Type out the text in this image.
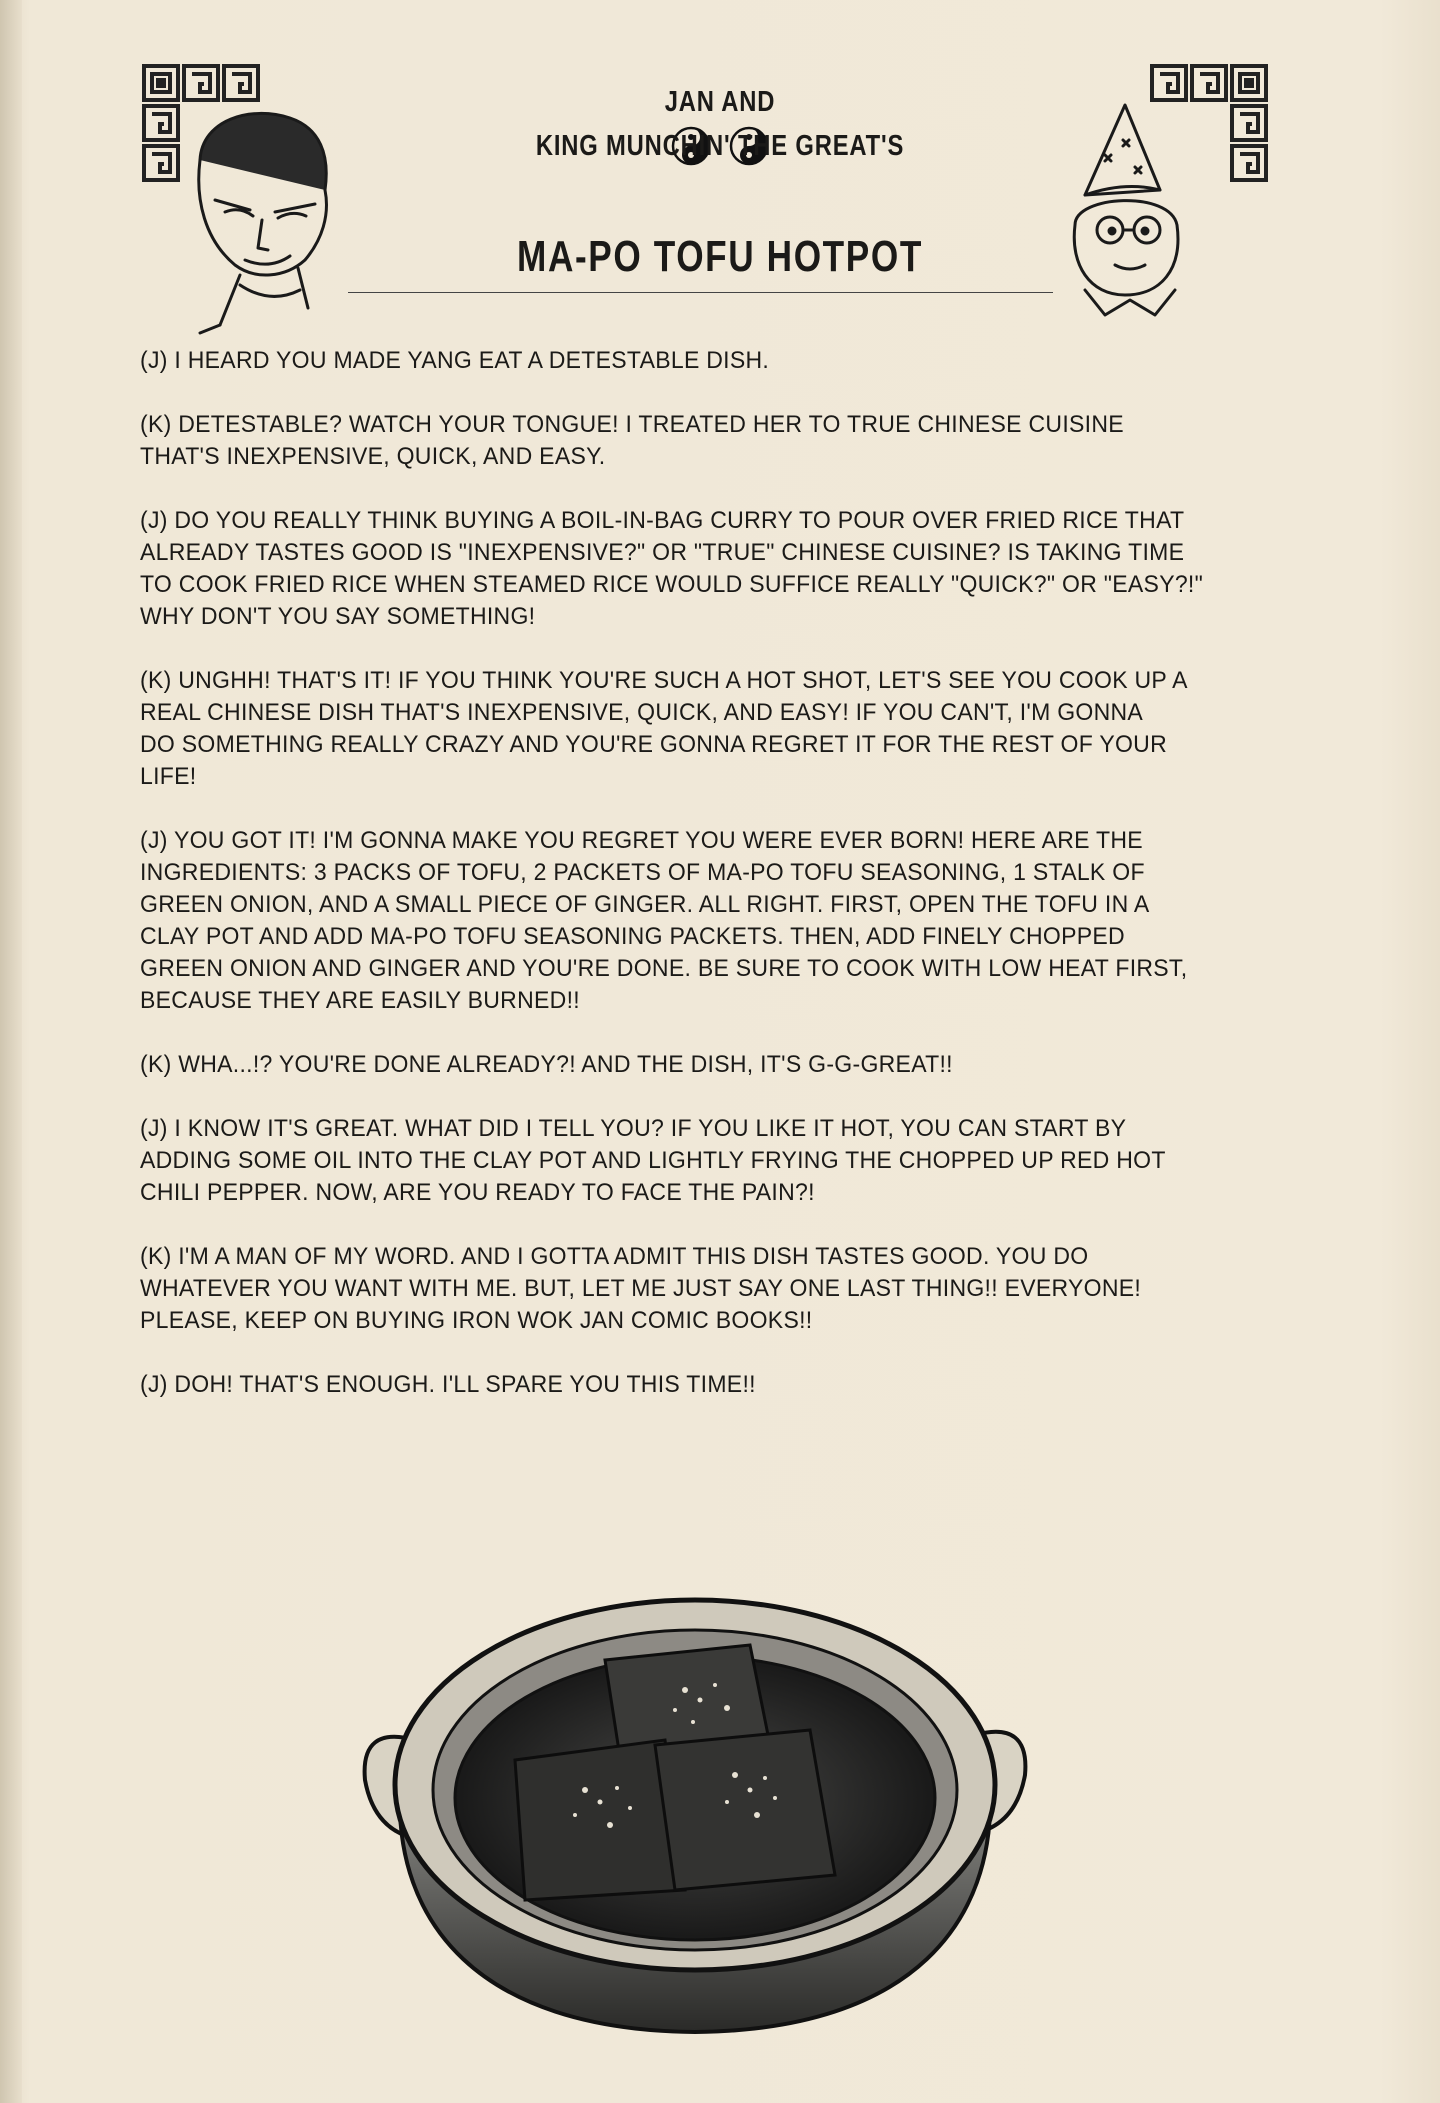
JAN AND
KING MUNCHIN' THE GREAT'S
MA-PO TOFU HOTPOT

(J) I HEARD YOU MADE YANG EAT A DETESTABLE DISH.

(K) DETESTABLE? WATCH YOUR TONGUE! I TREATED HER TO TRUE CHINESE CUISINE
THAT'S INEXPENSIVE, QUICK, AND EASY.

(J) DO YOU REALLY THINK BUYING A BOIL-IN-BAG CURRY TO POUR OVER FRIED RICE THAT
ALREADY TASTES GOOD IS "INEXPENSIVE?" OR "TRUE" CHINESE CUISINE? IS TAKING TIME
TO COOK FRIED RICE WHEN STEAMED RICE WOULD SUFFICE REALLY "QUICK?" OR "EASY?!"
WHY DON'T YOU SAY SOMETHING!

(K) UNGHH! THAT'S IT! IF YOU THINK YOU'RE SUCH A HOT SHOT, LET'S SEE YOU COOK UP A
REAL CHINESE DISH THAT'S INEXPENSIVE, QUICK, AND EASY! IF YOU CAN'T, I'M GONNA
DO SOMETHING REALLY CRAZY AND YOU'RE GONNA REGRET IT FOR THE REST OF YOUR
LIFE!

(J) YOU GOT IT! I'M GONNA MAKE YOU REGRET YOU WERE EVER BORN! HERE ARE THE
INGREDIENTS: 3 PACKS OF TOFU, 2 PACKETS OF MA-PO TOFU SEASONING, 1 STALK OF
GREEN ONION, AND A SMALL PIECE OF GINGER. ALL RIGHT. FIRST, OPEN THE TOFU IN A
CLAY POT AND ADD MA-PO TOFU SEASONING PACKETS. THEN, ADD FINELY CHOPPED
GREEN ONION AND GINGER AND YOU'RE DONE. BE SURE TO COOK WITH LOW HEAT FIRST,
BECAUSE THEY ARE EASILY BURNED!!

(K) WHA...!? YOU'RE DONE ALREADY?! AND THE DISH, IT'S G-G-GREAT!!

(J) I KNOW IT'S GREAT. WHAT DID I TELL YOU? IF YOU LIKE IT HOT, YOU CAN START BY
ADDING SOME OIL INTO THE CLAY POT AND LIGHTLY FRYING THE CHOPPED UP RED HOT
CHILI PEPPER. NOW, ARE YOU READY TO FACE THE PAIN?!

(K) I'M A MAN OF MY WORD. AND I GOTTA ADMIT THIS DISH TASTES GOOD. YOU DO
WHATEVER YOU WANT WITH ME. BUT, LET ME JUST SAY ONE LAST THING!! EVERYONE!
PLEASE, KEEP ON BUYING IRON WOK JAN COMIC BOOKS!!

(J) DOH! THAT'S ENOUGH. I'LL SPARE YOU THIS TIME!!
